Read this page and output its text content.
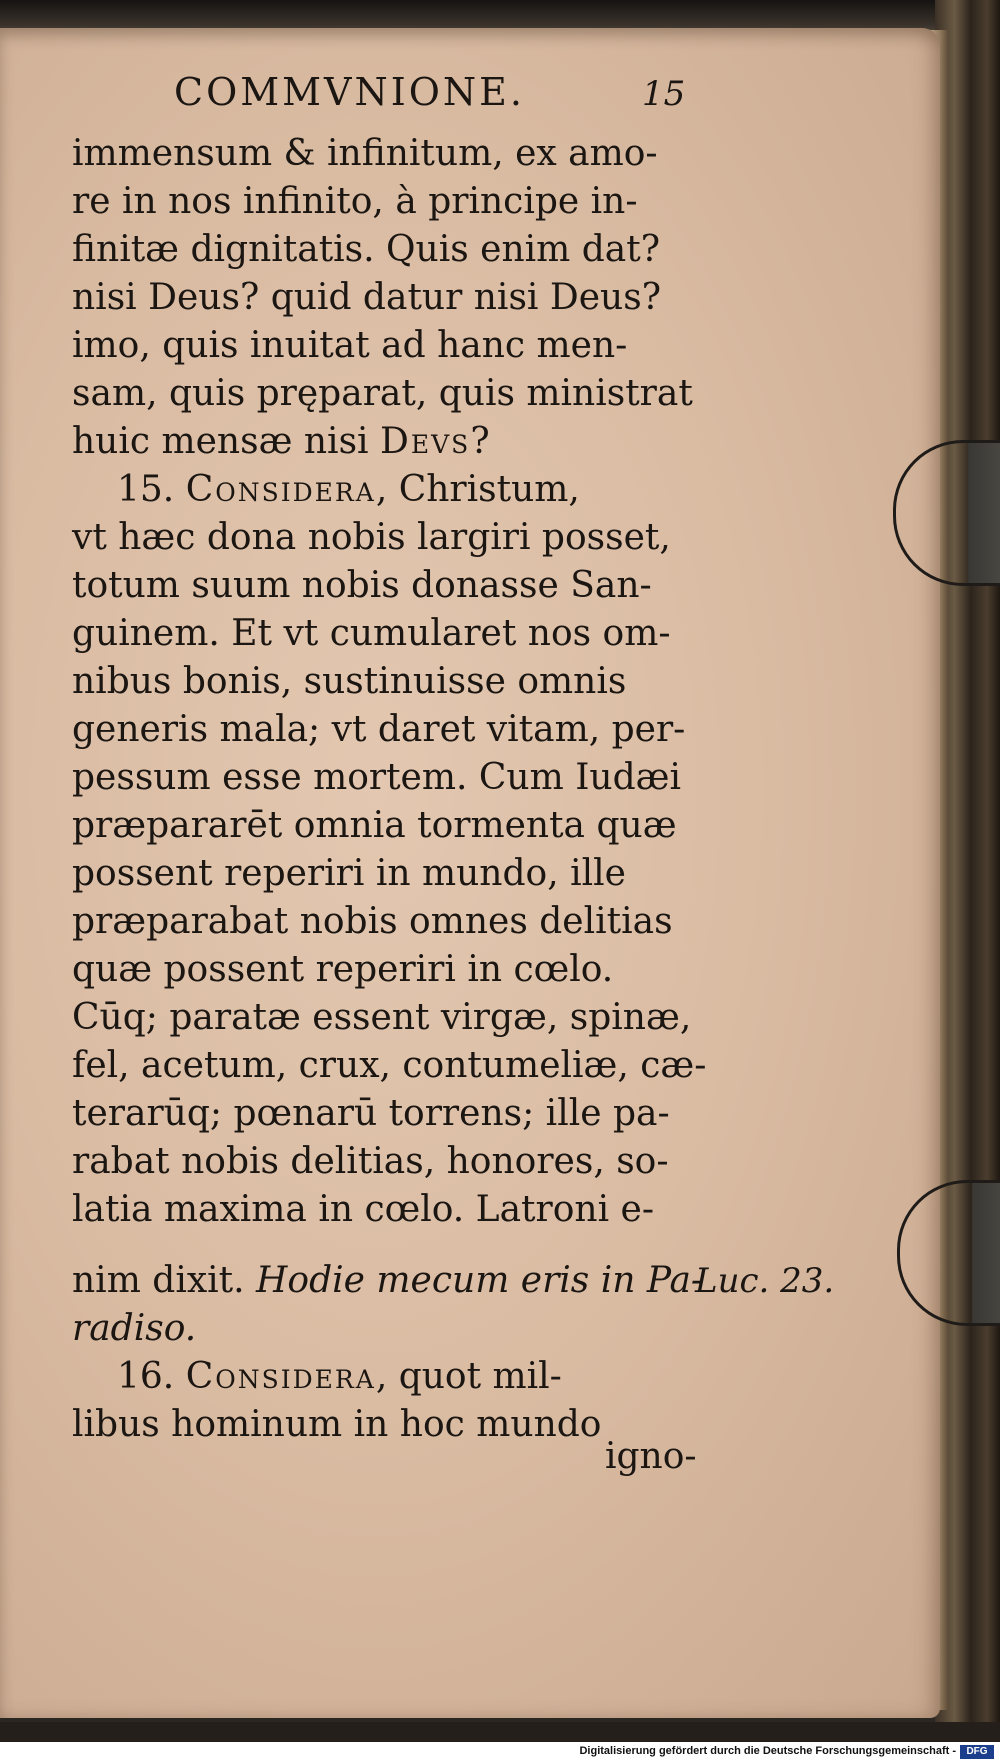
COMMVNIONE.	15
immensum & infinitum, ex amo-
re in nos infinito, à principe in-
finitæ dignitatis. Quis enim dat?
nisi Deus? quid datur nisi Deus?
imo, quis inuitat ad hanc men-
sam, quis pręparat, quis ministrat
huic mensæ nisi Devs?
15. Considera, Christum,
vt hæc dona nobis largiri posset,
totum suum nobis donasse San-
guinem. Et vt cumularet nos om-
nibus bonis, sustinuisse omnis
generis mala; vt daret vitam, per-
pessum esse mortem. Cum Iudæi
præpararēt omnia tormenta quæ
possent reperiri in mundo, ille
præparabat nobis omnes delitias
quæ possent reperiri in cœlo.
Cūq; paratæ essent virgæ, spinæ,
fel, acetum, crux, contumeliæ, cæ-
terarūq; pœnarū torrens; ille pa-
rabat nobis delitias, honores, so-
latia maxima in cœlo. Latroni e-
nim dixit. Hodie mecum eris in Pa-
radiso.
16. Considera, quot mil-
libus hominum in hoc mundo
Luc. 23.
igno-
Digitalisierung gefördert durch die Deutsche Forschungsgemeinschaft -	DFG
